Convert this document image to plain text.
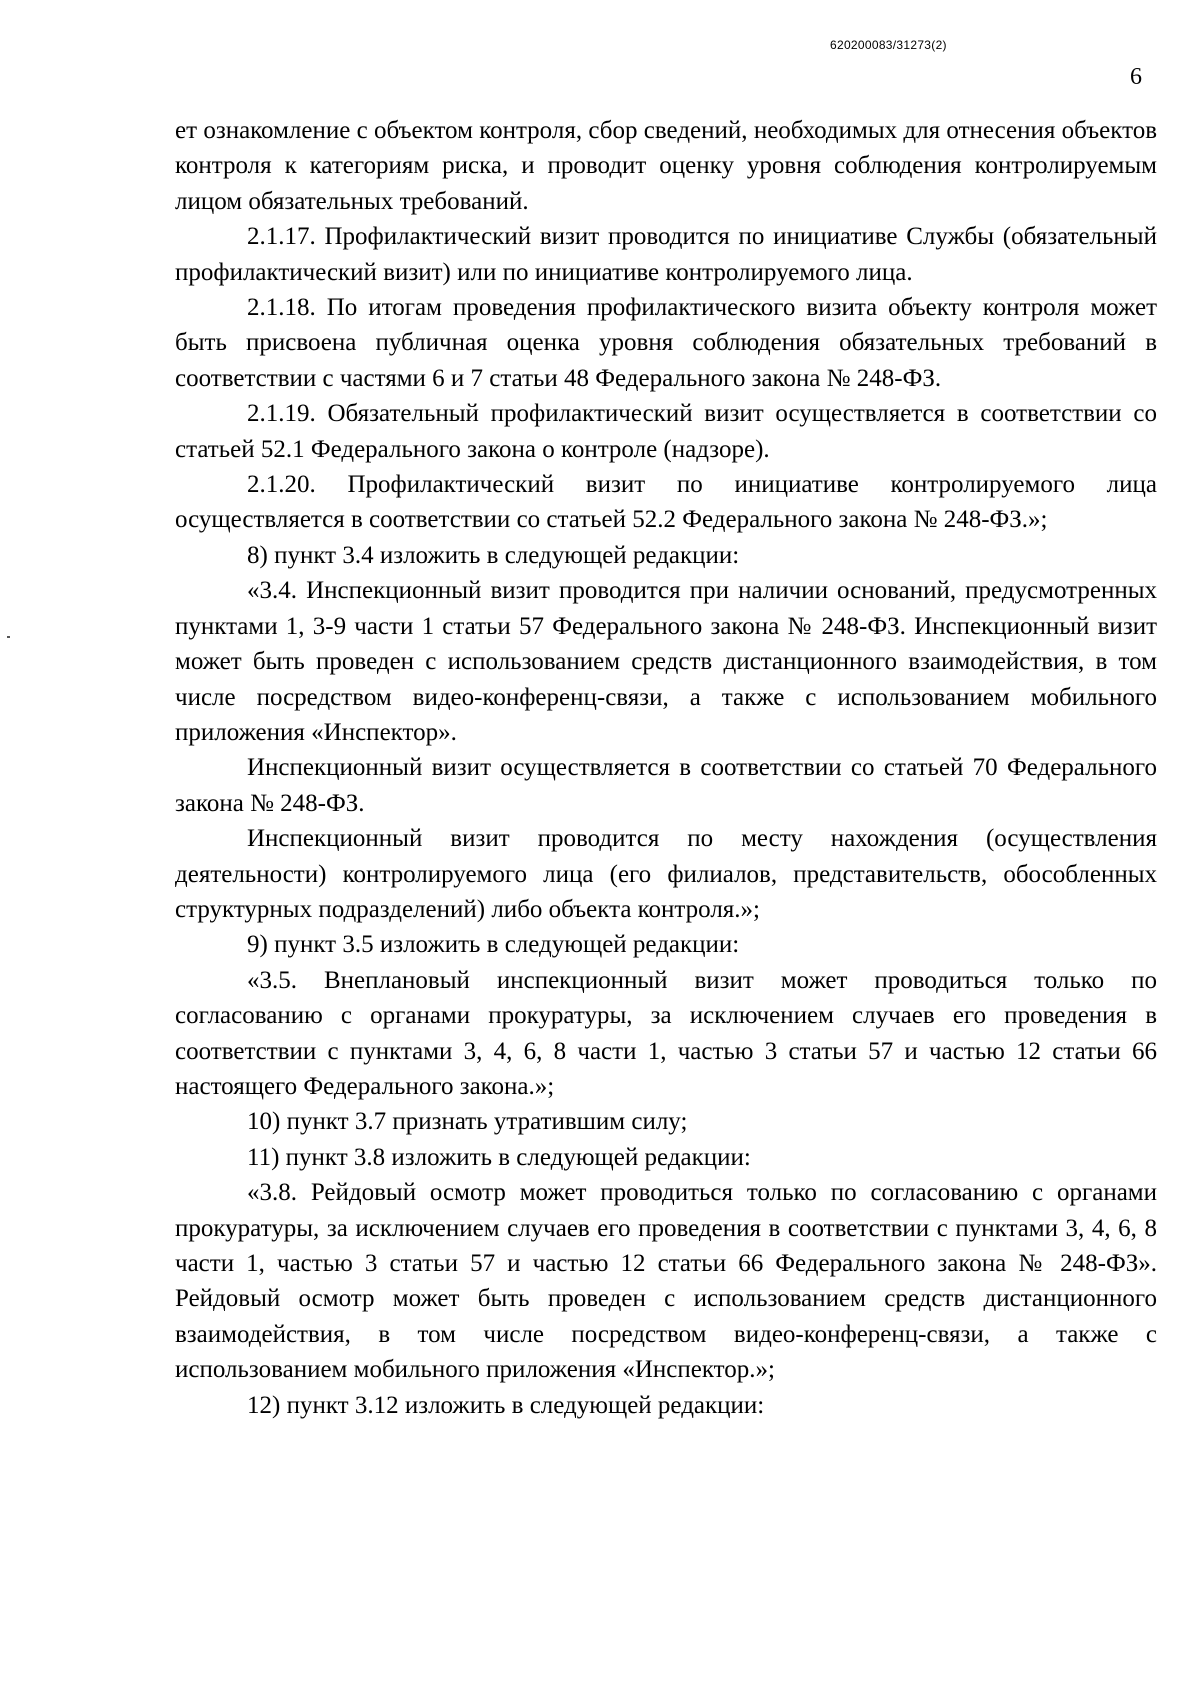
620200083/31273(2)
6

ет ознакомление с объектом контроля, сбор сведений, необходимых для отнесения объектов контроля к категориям риска, и проводит оценку уровня соблюдения контролируемым лицом обязательных требований.

2.1.17. Профилактический визит проводится по инициативе Службы (обязательный профилактический визит) или по инициативе контролируемого лица.

2.1.18. По итогам проведения профилактического визита объекту контроля может быть присвоена публичная оценка уровня соблюдения обязательных требований в соответствии с частями 6 и 7 статьи 48 Федерального закона № 248-ФЗ.

2.1.19. Обязательный профилактический визит осуществляется в соответствии со статьей 52.1 Федерального закона о контроле (надзоре).

2.1.20. Профилактический визит по инициативе контролируемого лица осуществляется в соответствии со статьей 52.2 Федерального закона № 248-ФЗ.»;

8) пункт 3.4 изложить в следующей редакции:

«3.4. Инспекционный визит проводится при наличии оснований, предусмотренных пунктами 1, 3-9 части 1 статьи 57 Федерального закона № 248-ФЗ. Инспекционный визит может быть проведен с использованием средств дистанционного взаимодействия, в том числе посредством видео-конференц-связи, а также с использованием мобильного приложения «Инспектор».

Инспекционный визит осуществляется в соответствии со статьей 70 Федерального закона № 248-ФЗ.

Инспекционный визит проводится по месту нахождения (осуществления деятельности) контролируемого лица (его филиалов, представительств, обособленных структурных подразделений) либо объекта контроля.»;

9) пункт 3.5 изложить в следующей редакции:

«3.5. Внеплановый инспекционный визит может проводиться только по согласованию с органами прокуратуры, за исключением случаев его проведения в соответствии с пунктами 3, 4, 6, 8 части 1, частью 3 статьи 57 и частью 12 статьи 66 настоящего Федерального закона.»;

10) пункт 3.7 признать утратившим силу;

11) пункт 3.8 изложить в следующей редакции:

«3.8. Рейдовый осмотр может проводиться только по согласованию с органами прокуратуры, за исключением случаев его проведения в соответствии с пунктами 3, 4, 6, 8 части 1, частью 3 статьи 57 и частью 12 статьи 66 Федерального закона № 248-ФЗ». Рейдовый осмотр может быть проведен с использованием средств дистанционного взаимодействия, в том числе посредством видео-конференц-связи, а также с использованием мобильного приложения «Инспектор.»;

12) пункт 3.12 изложить в следующей редакции:
